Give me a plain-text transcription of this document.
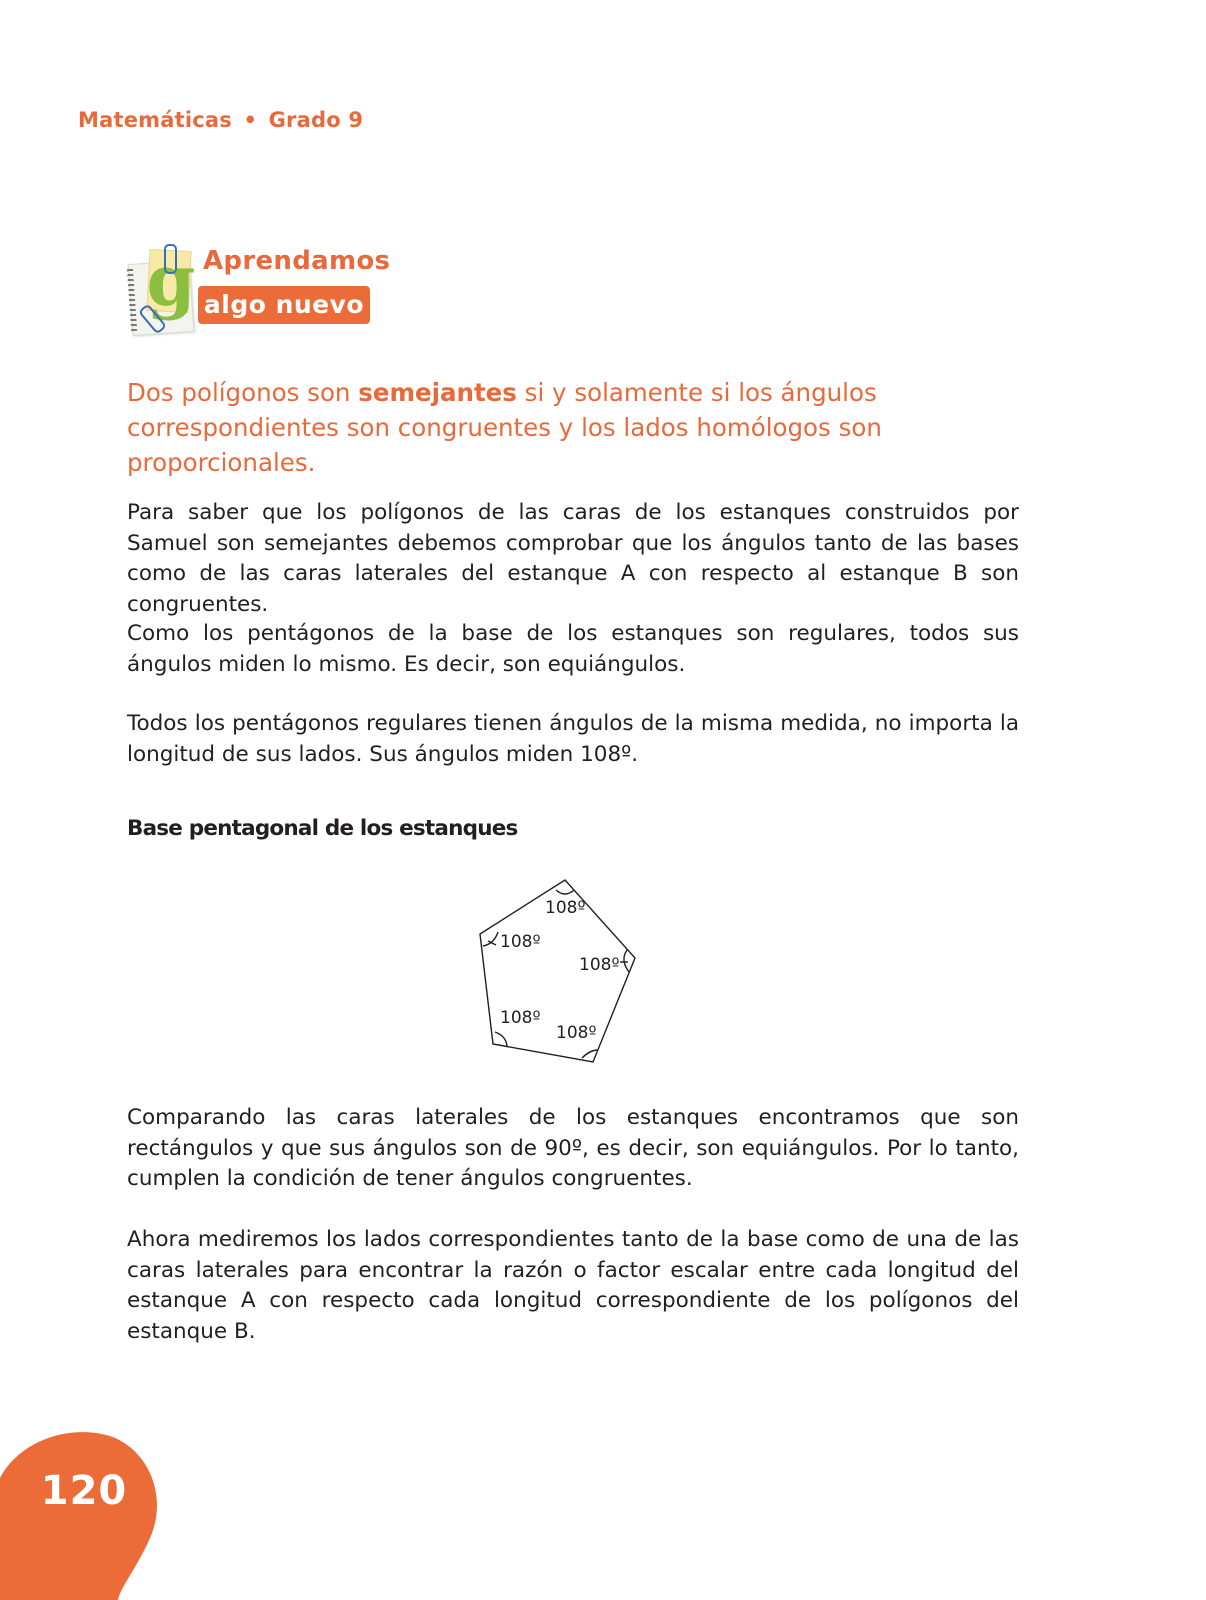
Matemáticas • Grado 9
g Aprendamos
algo nuevo
Dos polígonos son semejantes si y solamente si los ángulos correspondientes son congruentes y los lados homólogos son proporcionales.

Para saber que los polígonos de las caras de los estanques construidos por Samuel son semejantes debemos comprobar que los ángulos tanto de las bases como de las caras laterales del estanque A con respecto al estanque B son congruentes.

Como los pentágonos de la base de los estanques son regulares, todos sus ángulos miden lo mismo. Es decir, son equiángulos.

Todos los pentágonos regulares tienen ángulos de la misma medida, no importa la longitud de sus lados. Sus ángulos miden 108º.

Base pentagonal de los estanques
108º
108º
108º
108º
108º

Comparando las caras laterales de los estanques encontramos que son rectángulos y que sus ángulos son de 90º, es decir, son equiángulos. Por lo tanto, cumplen la condición de tener ángulos congruentes.

Ahora mediremos los lados correspondientes tanto de la base como de una de las caras laterales para encontrar la razón o factor escalar entre cada longitud del estanque A con respecto cada longitud correspondiente de los polígonos del estanque B.

120
